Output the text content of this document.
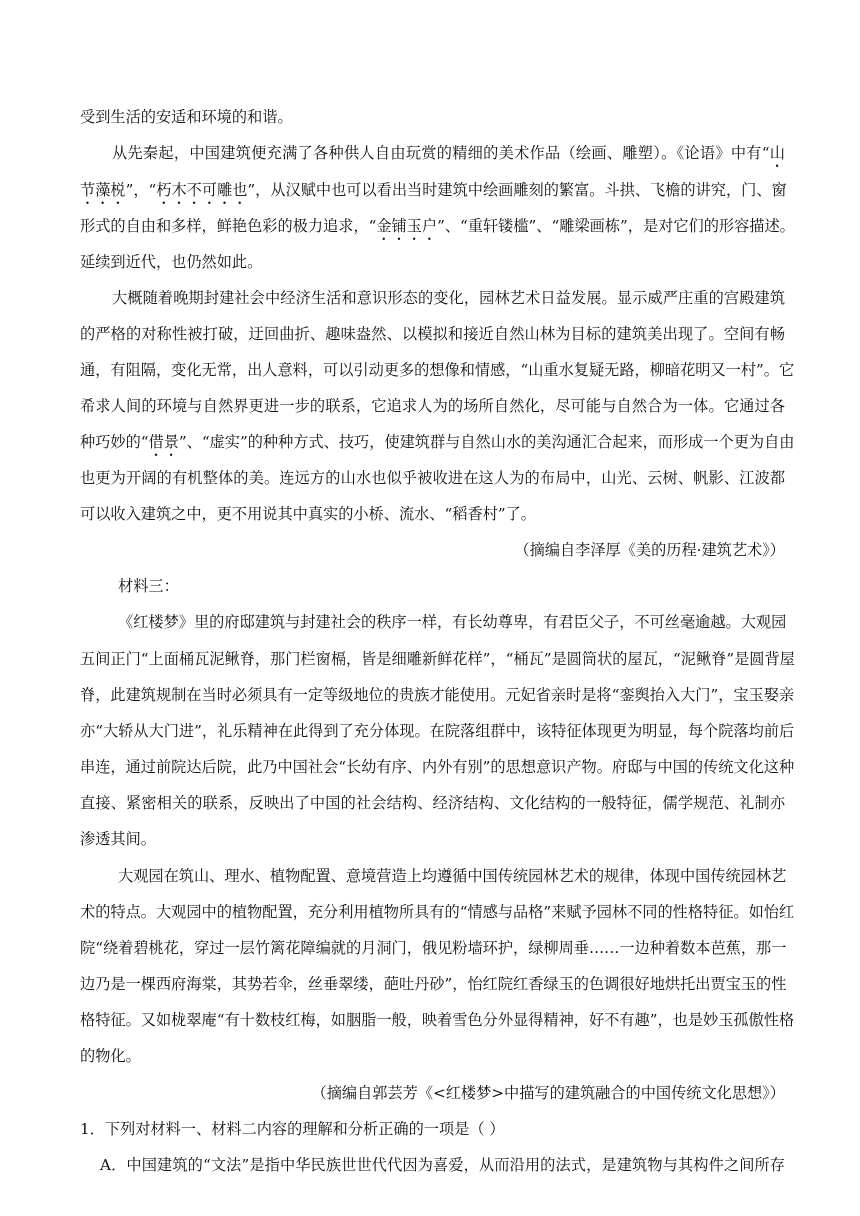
受到生活的安适和环境的和谐。
从先秦起，中国建筑便充满了各种供人自由玩赏的精细的美术作品（绘画、雕塑）。《论语》中有“山
节藻棁”，“朽木不可雕也”，从汉赋中也可以看出当时建筑中绘画雕刻的繁富。斗拱、飞檐的讲究，门、窗
形式的自由和多样，鲜艳色彩的极力追求，“金铺玉户”、“重轩镂槛”、“雕梁画栋”，是对它们的形容描述。
延续到近代，也仍然如此。
大概随着晚期封建社会中经济生活和意识形态的变化，园林艺术日益发展。显示威严庄重的宫殿建筑
的严格的对称性被打破，迂回曲折、趣味盎然、以模拟和接近自然山林为目标的建筑美出现了。空间有畅
通，有阻隔，变化无常，出人意料，可以引动更多的想像和情感，“山重水复疑无路，柳暗花明又一村”。它
希求人间的环境与自然界更进一步的联系，它追求人为的场所自然化，尽可能与自然合为一体。它通过各
种巧妙的“借景”、“虚实”的种种方式、技巧，使建筑群与自然山水的美沟通汇合起来，而形成一个更为自由
也更为开阔的有机整体的美。连远方的山水也似乎被收进在这人为的布局中，山光、云树、帆影、江波都
可以收入建筑之中，更不用说其中真实的小桥、流水、“稻香村”了。
（摘编自李泽厚《美的历程·建筑艺术》）
材料三：
《红楼梦》里的府邸建筑与封建社会的秩序一样，有长幼尊卑，有君臣父子，不可丝毫逾越。大观园
五间正门“上面桶瓦泥鳅脊，那门栏窗槅，皆是细雕新鲜花样”，“桶瓦”是圆筒状的屋瓦，“泥鳅脊”是圆背屋
脊，此建筑规制在当时必须具有一定等级地位的贵族才能使用。元妃省亲时是将“銮舆抬入大门”，宝玉娶亲
亦“大轿从大门进”，礼乐精神在此得到了充分体现。在院落组群中，该特征体现更为明显，每个院落均前后
串连，通过前院达后院，此乃中国社会“长幼有序、内外有别”的思想意识产物。府邸与中国的传统文化这种
直接、紧密相关的联系，反映出了中国的社会结构、经济结构、文化结构的一般特征，儒学规范、礼制亦
渗透其间。
大观园在筑山、理水、植物配置、意境营造上均遵循中国传统园林艺术的规律，体现中国传统园林艺
术的特点。大观园中的植物配置，充分利用植物所具有的“情感与品格”来赋予园林不同的性格特征。如怡红
院“绕着碧桃花，穿过一层竹篱花障编就的月洞门，俄见粉墙环护，绿柳周垂……一边种着数本芭蕉，那一
边乃是一棵西府海棠，其势若伞，丝垂翠缕，葩吐丹砂”，怡红院红香绿玉的色调很好地烘托出贾宝玉的性
格特征。又如栊翠庵“有十数枝红梅，如胭脂一般，映着雪色分外显得精神，好不有趣”，也是妙玉孤傲性格
的物化。
（摘编自郭芸芳《<红楼梦>中描写的建筑融合的中国传统文化思想》）
1．下列对材料一、材料二内容的理解和分析正确的一项是（ ）
A．中国建筑的“文法”是指中华民族世世代代因为喜爱，从而沿用的法式，是建筑物与其构件之间所存
